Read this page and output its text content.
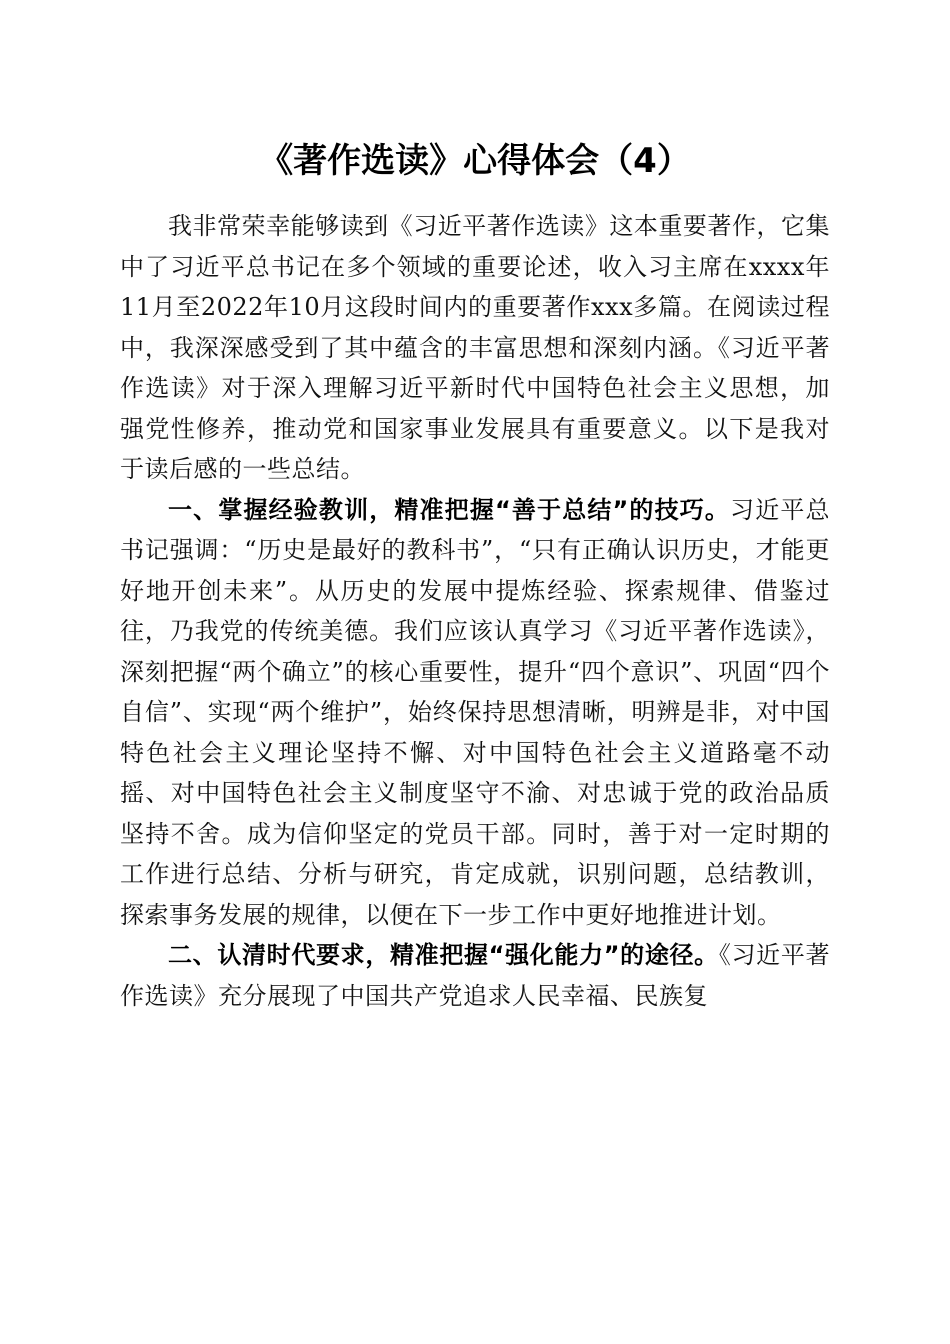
《著作选读》心得体会（4）

我非常荣幸能够读到《习近平著作选读》这本重要著作，它集中了习近平总书记在多个领域的重要论述，收入习主席在xxxx年11月至2022年10月这段时间内的重要著作xxx多篇。在阅读过程中，我深深感受到了其中蕴含的丰富思想和深刻内涵。《习近平著作选读》对于深入理解习近平新时代中国特色社会主义思想，加强党性修养，推动党和国家事业发展具有重要意义。以下是我对于读后感的一些总结。

一、掌握经验教训，精准把握“善于总结”的技巧。习近平总书记强调：“历史是最好的教科书”，“只有正确认识历史，才能更好地开创未来”。从历史的发展中提炼经验、探索规律、借鉴过往，乃我党的传统美德。我们应该认真学习《习近平著作选读》，深刻把握“两个确立”的核心重要性，提升“四个意识”、巩固“四个自信”、实现“两个维护”，始终保持思想清晰，明辨是非，对中国特色社会主义理论坚持不懈、对中国特色社会主义道路毫不动摇、对中国特色社会主义制度坚守不渝、对忠诚于党的政治品质坚持不舍。成为信仰坚定的党员干部。同时，善于对一定时期的工作进行总结、分析与研究，肯定成就，识别问题，总结教训，探索事务发展的规律，以便在下一步工作中更好地推进计划。

二、认清时代要求，精准把握“强化能力”的途径。《习近平著作选读》充分展现了中国共产党追求人民幸福、民族复
